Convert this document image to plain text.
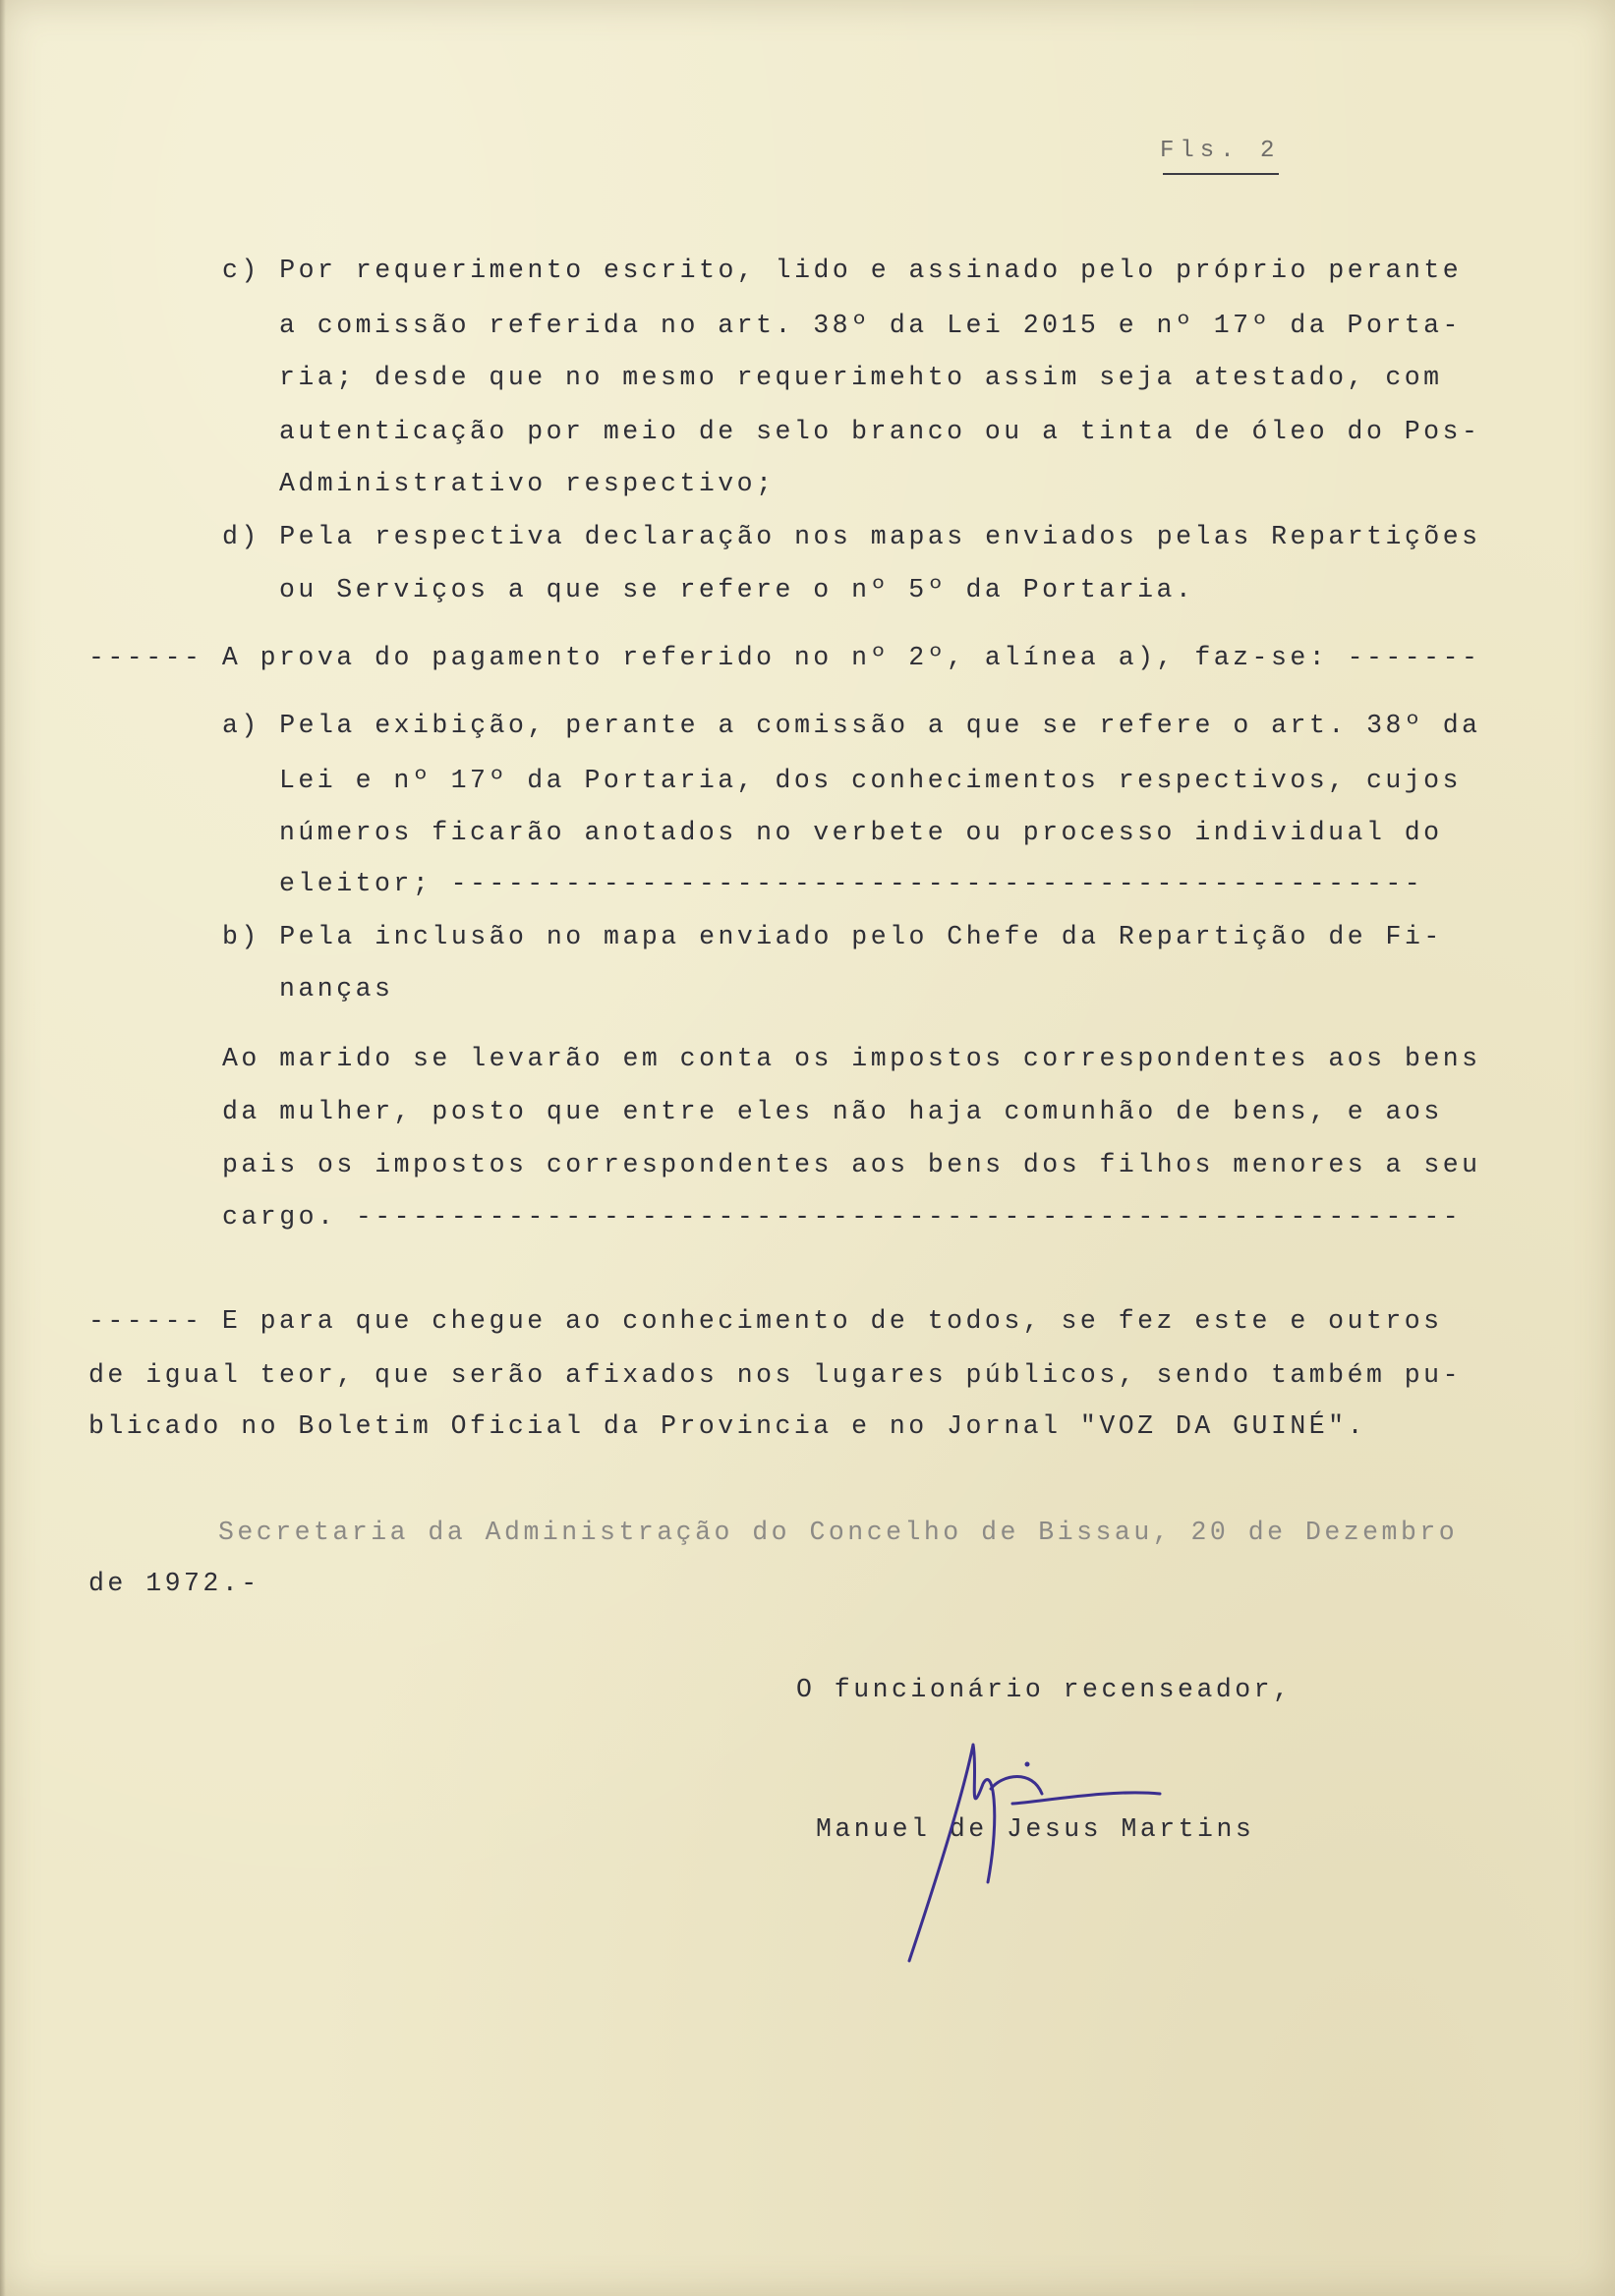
Fls. 2
c) Por requerimento escrito, lido e assinado pelo próprio perante
a comissão referida no art. 38º da Lei 2015 e nº 17º da Porta-
ria; desde que no mesmo requerimehto assim seja atestado, com
autenticação por meio de selo branco ou a tinta de óleo do Pos-
Administrativo respectivo;
d) Pela respectiva declaração nos mapas enviados pelas Repartições
ou Serviços a que se refere o nº 5º da Portaria.
------ A prova do pagamento referido no nº 2º, alínea a), faz-se: -------
a) Pela exibição, perante a comissão a que se refere o art. 38º da
Lei e nº 17º da Portaria, dos conhecimentos respectivos, cujos
números ficarão anotados no verbete ou processo individual do
eleitor; ---------------------------------------------------
b) Pela inclusão no mapa enviado pelo Chefe da Repartição de Fi-
nanças
Ao marido se levarão em conta os impostos correspondentes aos bens
da mulher, posto que entre eles não haja comunhão de bens, e aos
pais os impostos correspondentes aos bens dos filhos menores a seu
cargo. ----------------------------------------------------------
------ E para que chegue ao conhecimento de todos, se fez este e outros
de igual teor, que serão afixados nos lugares públicos, sendo também pu-
blicado no Boletim Oficial da Provincia e no Jornal "VOZ DA GUINÉ".
Secretaria da Administração do Concelho de Bissau, 20 de Dezembro
de 1972.-
O funcionário recenseador,
Manuel de Jesus Martins
